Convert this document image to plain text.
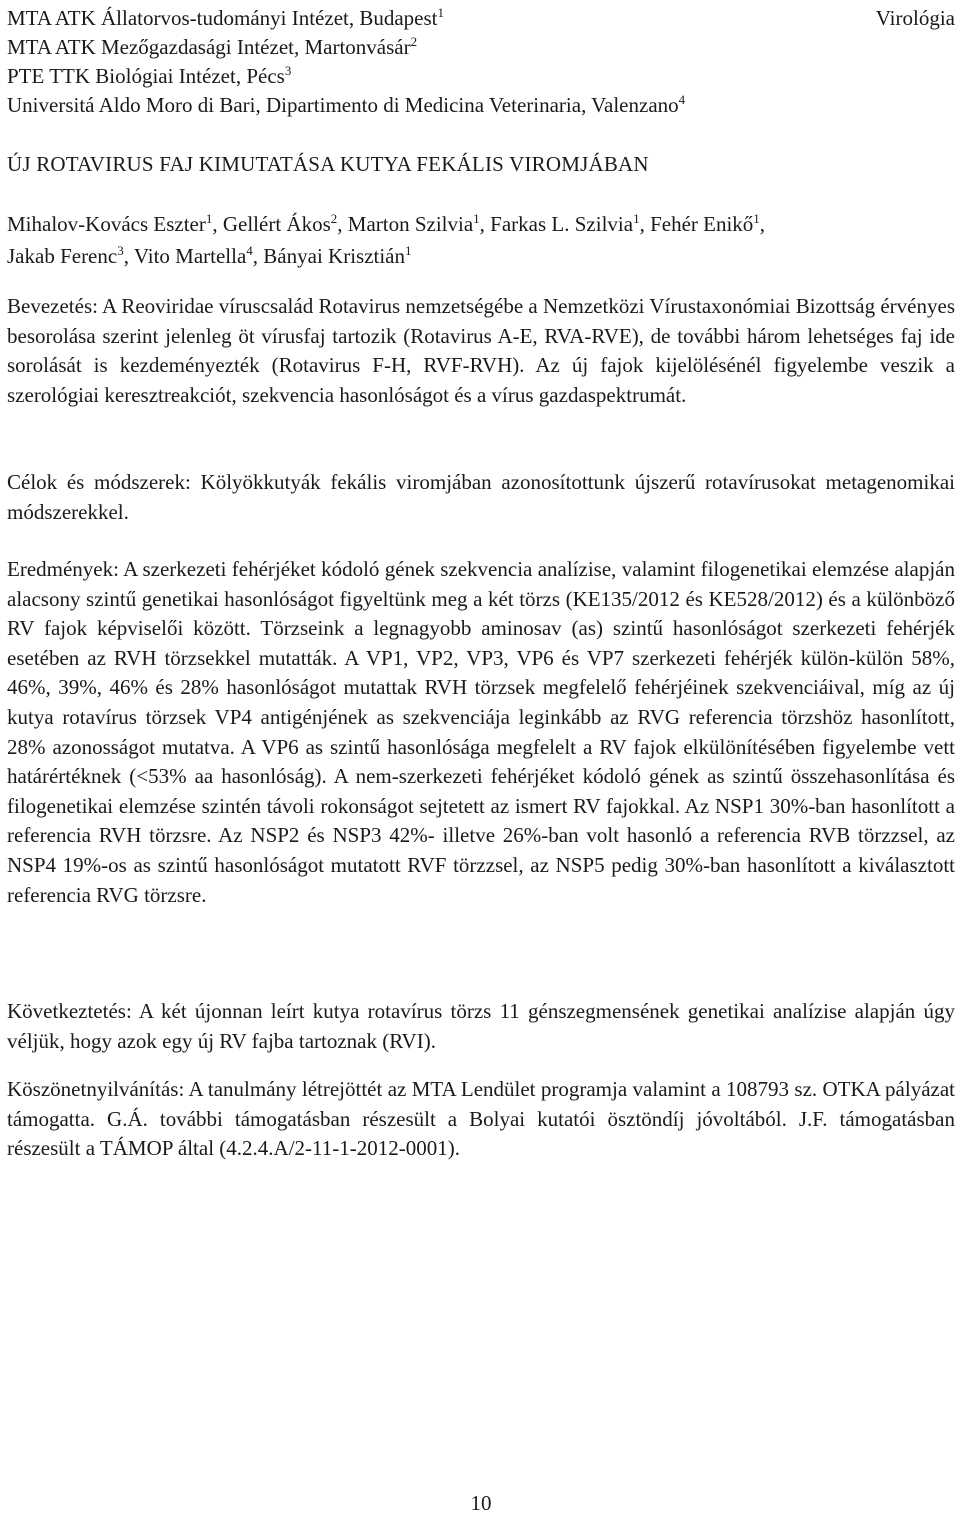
MTA ATK Állatorvos-tudományi Intézet, Budapest$^1$
MTA ATK Mezőgazdasági Intézet, Martonvásár$^2$
PTE TTK Biológiai Intézet, Pécs$^3$
Universitá Aldo Moro di Bari, Dipartimento di Medicina Veterinaria, Valenzano$^4$
Virológia
ÚJ ROTAVIRUS FAJ KIMUTATÁSA KUTYA FEKÁLIS VIROMJÁBAN
Mihalov-Kovács Eszter$^1$, Gellért Ákos$^2$, Marton Szilvia$^1$, Farkas L. Szilvia$^1$, Fehér Enikő$^1$,
Jakab Ferenc$^3$, Vito Martella$^4$, Bányai Krisztián$^1$

Bevezetés: A Reoviridae víruscsalád Rotavirus nemzetségébe a Nemzetközi Vírustaxonómiai Bizottság érvényes besorolása szerint jelenleg öt vírusfaj tartozik (Rotavirus A-E, RVA-RVE), de további három lehetséges faj ide sorolását is kezdeményezték (Rotavirus F-H, RVF-RVH). Az új fajok kijelölésénél figyelembe veszik a szerológiai keresztreakciót, szekvencia hasonlóságot és a vírus gazdaspektrumát.

Célok és módszerek: Kölyökkutyák fekális viromjában azonosítottunk újszerű rotavírusokat metagenomikai módszerekkel.

Eredmények: A szerkezeti fehérjéket kódoló gének szekvencia analízise, valamint filogenetikai elemzése alapján alacsony szintű genetikai hasonlóságot figyeltünk meg a két törzs (KE135/2012 és KE528/2012) és a különböző RV fajok képviselői között. Törzseink a legnagyobb aminosav (as) szintű hasonlóságot szerkezeti fehérjék esetében az RVH törzsekkel mutatták. A VP1, VP2, VP3, VP6 és VP7 szerkezeti fehérjék külön-külön 58%, 46%, 39%, 46% és 28% hasonlóságot mutattak RVH törzsek megfelelő fehérjéinek szekvenciáival, míg az új kutya rotavírus törzsek VP4 antigénjének as szekvenciája leginkább az RVG referencia törzshöz hasonlított, 28% azonosságot mutatva. A VP6 as szintű hasonlósága megfelelt a RV fajok elkülönítésében figyelembe vett határértéknek (<53% aa hasonlóság). A nem-szerkezeti fehérjéket kódoló gének as szintű összehasonlítása és filogenetikai elemzése szintén távoli rokonságot sejtetett az ismert RV fajokkal. Az NSP1 30%-ban hasonlított a referencia RVH törzsre. Az NSP2 és NSP3 42%- illetve 26%-ban volt hasonló a referencia RVB törzzsel, az NSP4 19%-os as szintű hasonlóságot mutatott RVF törzzsel, az NSP5 pedig 30%-ban hasonlított a kiválasztott referencia RVG törzsre.

Következtetés: A két újonnan leírt kutya rotavírus törzs 11 génszegmensének genetikai analízise alapján úgy véljük, hogy azok egy új RV fajba tartoznak (RVI).

Köszönetnyilvánítás: A tanulmány létrejöttét az MTA Lendület programja valamint a 108793 sz. OTKA pályázat támogatta. G.Á. további támogatásban részesült a Bolyai kutatói ösztöndíj jóvoltából. J.F. támogatásban részesült a TÁMOP által (4.2.4.A/2-11-1-2012-0001).

10
